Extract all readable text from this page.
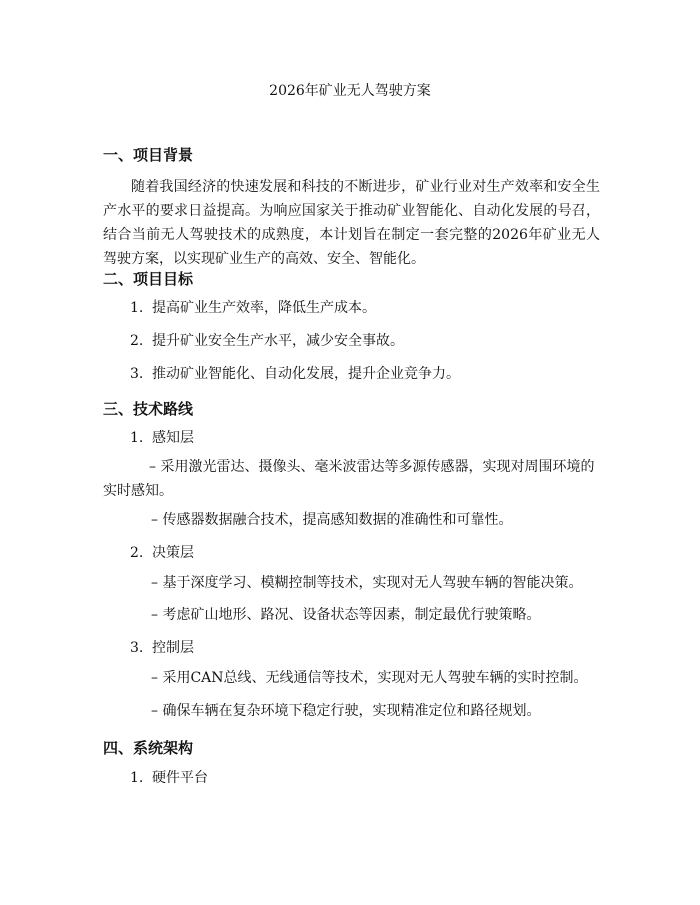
2026年矿业无人驾驶方案
一、项目背景
随着我国经济的快速发展和科技的不断进步，矿业行业对生产效率和安全生产水平的要求日益提高。为响应国家关于推动矿业智能化、自动化发展的号召，结合当前无人驾驶技术的成熟度，本计划旨在制定一套完整的2026年矿业无人驾驶方案，以实现矿业生产的高效、安全、智能化。
二、项目目标
1. 提高矿业生产效率，降低生产成本。
2. 提升矿业安全生产水平，减少安全事故。
3. 推动矿业智能化、自动化发展，提升企业竞争力。
三、技术路线
1. 感知层
– 采用激光雷达、摄像头、毫米波雷达等多源传感器，实现对周围环境的实时感知。
– 传感器数据融合技术，提高感知数据的准确性和可靠性。
2. 决策层
– 基于深度学习、模糊控制等技术，实现对无人驾驶车辆的智能决策。
– 考虑矿山地形、路况、设备状态等因素，制定最优行驶策略。
3. 控制层
– 采用CAN总线、无线通信等技术，实现对无人驾驶车辆的实时控制。
– 确保车辆在复杂环境下稳定行驶，实现精准定位和路径规划。
四、系统架构
1. 硬件平台
